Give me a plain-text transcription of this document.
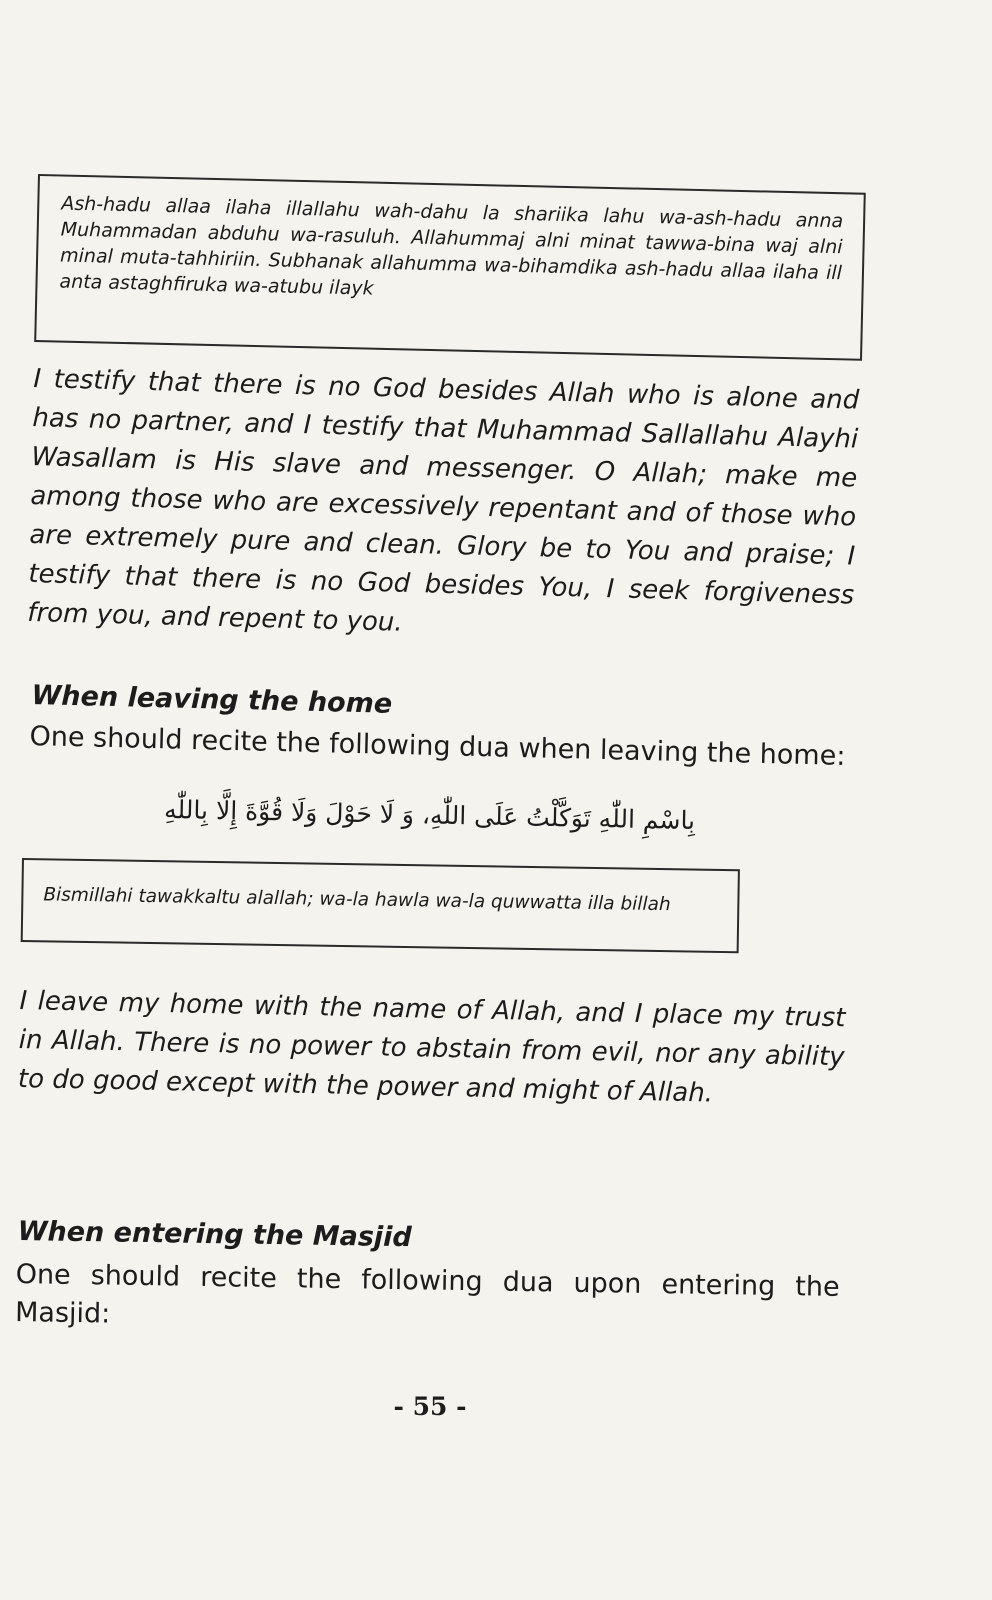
Ash-hadu allaa ilaha illallahu wah-dahu la shariika lahu wa-ash-hadu anna Muhammadan abduhu wa-rasuluh. Allahummaj alni minat tawwa-bina waj alni minal muta-tahhiriin. Subhanak allahumma wa-bihamdika ash-hadu allaa ilaha ill anta astaghfiruka wa-atubu ilayk

I testify that there is no God besides Allah who is alone and has no partner, and I testify that Muhammad Sallallahu Alayhi Wasallam is His slave and messenger. O Allah; make me among those who are excessively repentant and of those who are extremely pure and clean. Glory be to You and praise; I testify that there is no God besides You, I seek forgiveness from you, and repent to you.

When leaving the home

One should recite the following dua when leaving the home:

بِاسْمِ اللّٰهِ تَوَكَّلْتُ عَلَى اللّٰهِ، وَ لَا حَوْلَ وَلَا قُوَّةَ إِلَّا بِاللّٰهِ

Bismillahi tawakkaltu alallah; wa-la hawla wa-la quwwatta illa billah

I leave my home with the name of Allah, and I place my trust in Allah. There is no power to abstain from evil, nor any ability to do good except with the power and might of Allah.

When entering the Masjid

One should recite the following dua upon entering the Masjid:

- 55 -
